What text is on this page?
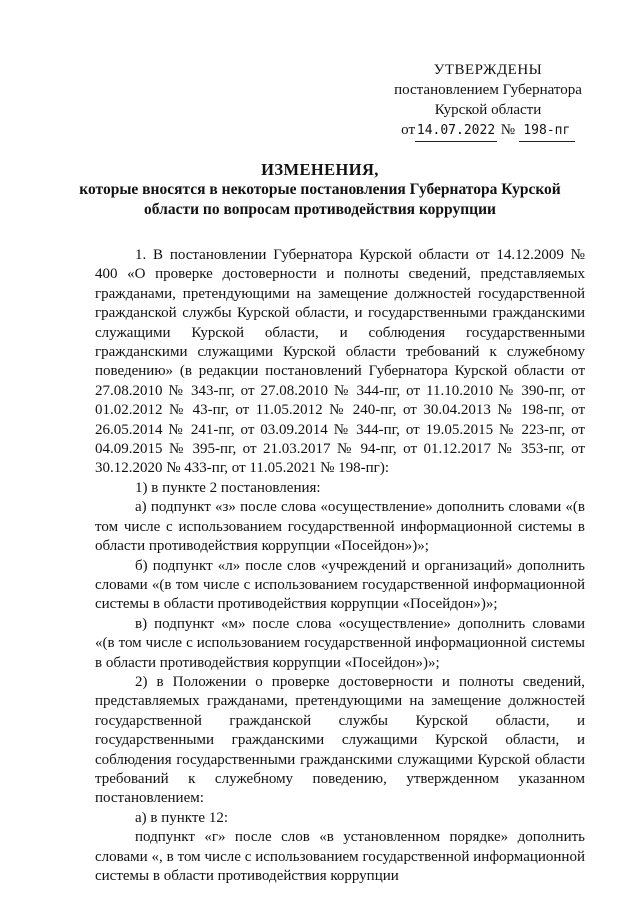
УТВЕРЖДЕНЫ
постановлением Губернатора
Курской области
от 14.07.2022 № 198-пг
ИЗМЕНЕНИЯ,
которые вносятся в некоторые постановления Губернатора Курской области по вопросам противодействия коррупции

1. В постановлении Губернатора Курской области от 14.12.2009 № 400 «О проверке достоверности и полноты сведений, представляемых гражданами, претендующими на замещение должностей государственной гражданской службы Курской области, и государственными гражданскими служащими Курской области, и соблюдения государственными гражданскими служащими Курской области требований к служебному поведению» (в редакции постановлений Губернатора Курской области от 27.08.2010 № 343-пг, от 27.08.2010 № 344-пг, от 11.10.2010 № 390-пг, от 01.02.2012 № 43-пг, от 11.05.2012 № 240-пг, от 30.04.2013 № 198-пг, от 26.05.2014 № 241-пг, от 03.09.2014 № 344-пг, от 19.05.2015 № 223-пг, от 04.09.2015 № 395-пг, от 21.03.2017 № 94-пг, от 01.12.2017 № 353-пг, от 30.12.2020 № 433-пг, от 11.05.2021 № 198-пг):

1) в пункте 2 постановления:

а) подпункт «з» после слова «осуществление» дополнить словами «(в том числе с использованием государственной информационной системы в области противодействия коррупции «Посейдон»)»;

б) подпункт «л» после слов «учреждений и организаций» дополнить словами «(в том числе с использованием государственной информационной системы в области противодействия коррупции «Посейдон»)»;

в) подпункт «м» после слова «осуществление» дополнить словами «(в том числе с использованием государственной информационной системы в области противодействия коррупции «Посейдон»)»;

2) в Положении о проверке достоверности и полноты сведений, представляемых гражданами, претендующими на замещение должностей государственной гражданской службы Курской области, и государственными гражданскими служащими Курской области, и соблюдения государственными гражданскими служащими Курской области требований к служебному поведению, утвержденном указанном постановлением:

а) в пункте 12:

подпункт «г» после слов «в установленном порядке» дополнить словами «, в том числе с использованием государственной информационной системы в области противодействия коррупции
